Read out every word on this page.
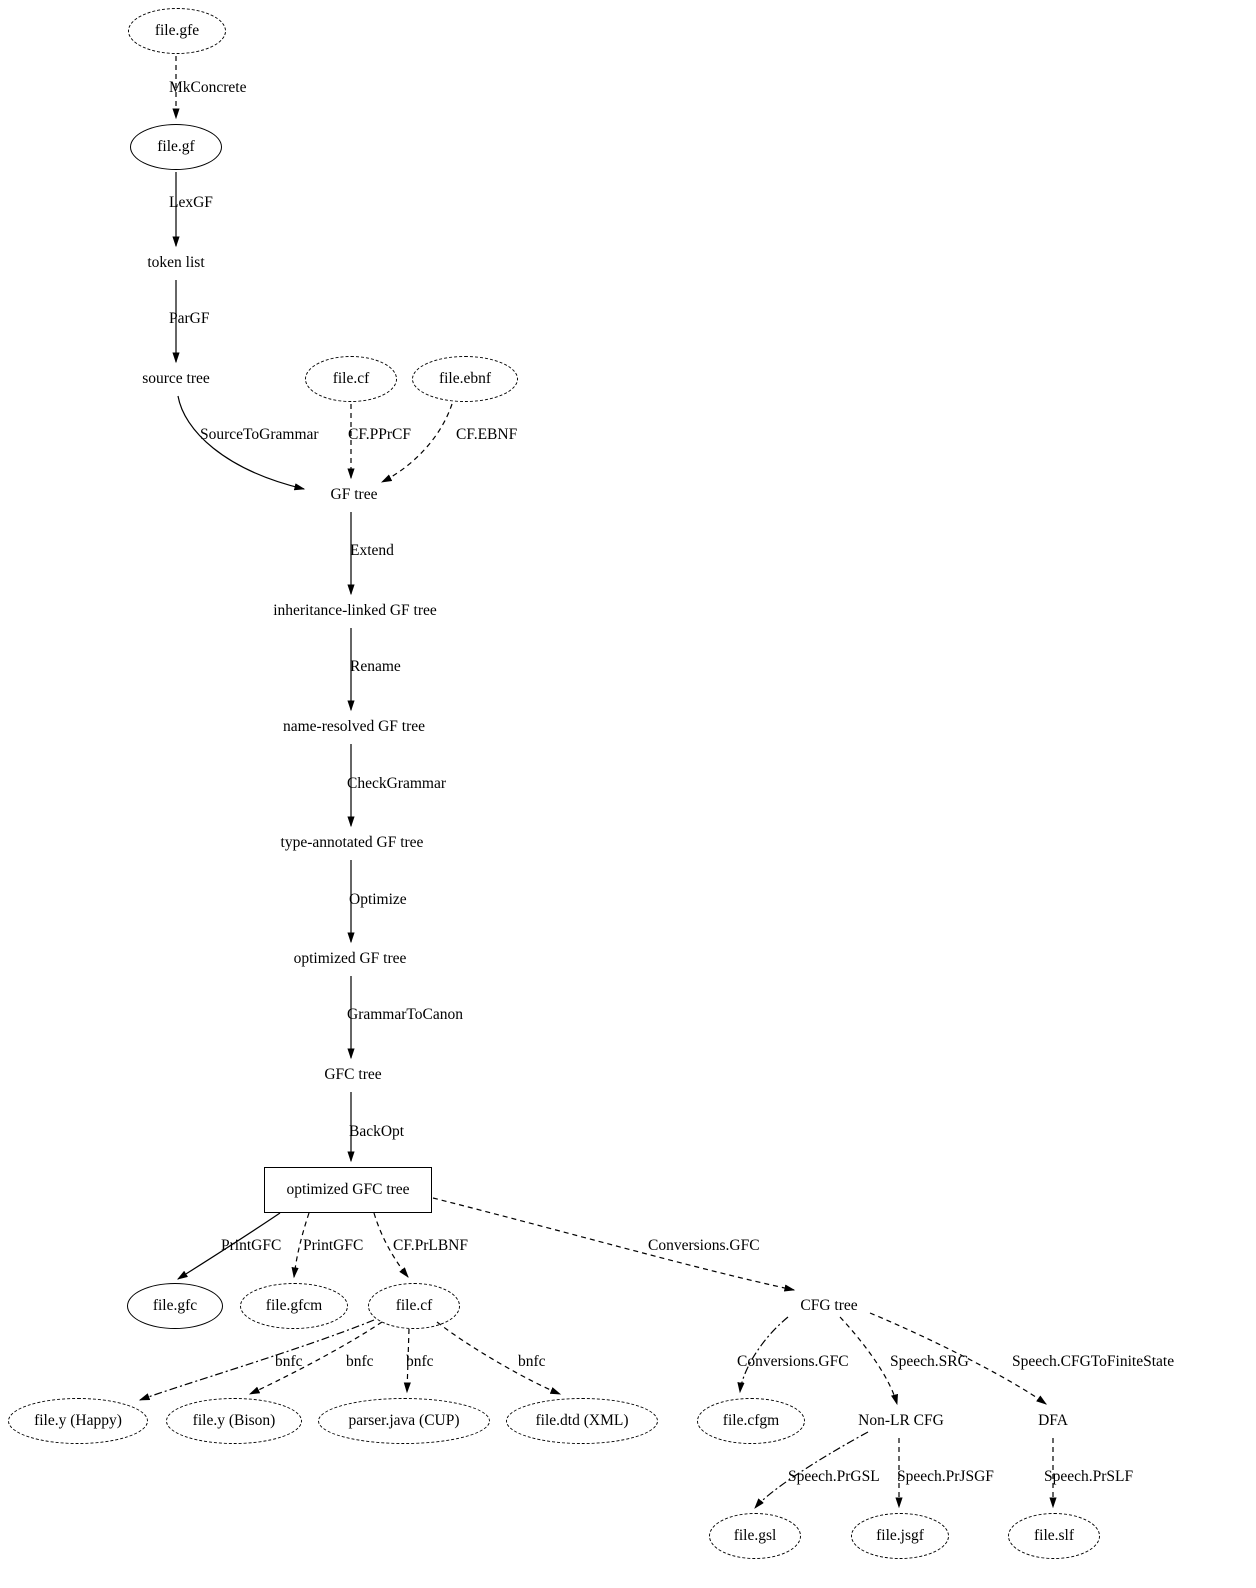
file.gfe
file.gf
token list
source tree	file.cf	file.ebnf
GF tree
inheritance-linked GF tree
name-resolved GF tree
type-annotated GF tree
optimized GF tree
GFC tree
optimized GFC tree
file.gfc	file.gfcm	file.cf	CFG tree
file.y (Happy)	file.y (Bison)	parser.java (CUP)	file.dtd (XML)	file.cfgm	Non-LR CFG	DFA
file.gsl	file.jsgf	file.slf
MkConcrete
LexGF
ParGF
SourceToGrammar CF.PPrCF	CF.EBNF
Extend
Rename
CheckGrammar
Optimize
GrammarToCanon
BackOpt
PrintGFC PrintGFC CF.PrLBNF	Conversions.GFC
bnfc	bnfc bnfc	bnfc	Conversions.GFC	Speech.SRG	Speech.CFGToFiniteState
Speech.PrGSL Speech.PrJSGF	Speech.PrSLF
